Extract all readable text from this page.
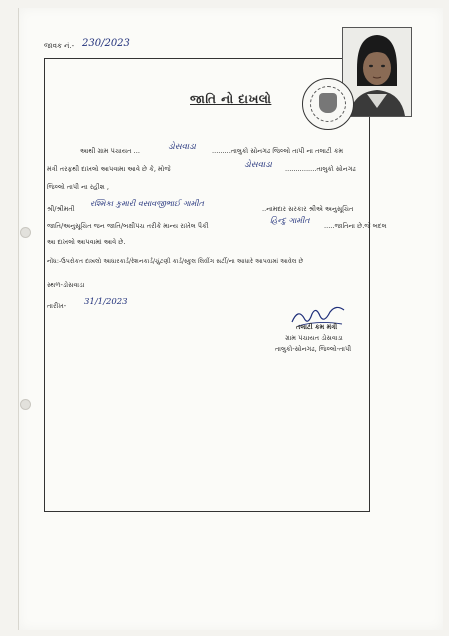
જાવક નં.- 230/2023
જાતિ નો દાખલો
આથી ગ્રામ પંચાયત ...	ડોસવાડા .........તાલુકો સોનગઢ જિલ્લો તાપી ના તલાટી કમ
મંત્રી તરફથી દાખલો આપવામા આવે છે કે, મોજે	ડોસવાડા ...............તાલુકો સોનગઢ
જિલ્લો તાપી ના રહીશ ,
શ્રી/શ્રીમતી
રશ્મિકા કુમારી વસાવજીભાઈ ગામીત
..નામદાર સરકાર શ્રીએ અનુસૂચિત
જાતિ/અનુસૂચિત જન જાતિ/બક્ષીપંચ તરીકે માન્ય રાખેલ પૈકી
હિન્દુ ગામીત
.....જાતિના છે.જે બદલ
આ દાખલો આપવામાં આવે છે.
નોંધ:-ઉપરોકત દાખલો આધારકાર્ડ/રેશનકાર્ડ/ચુંટણી કાર્ડ/સ્કુલ લિવીંગ સર્ટી/ના આધારે આપવામાં આવેલ છે
સ્થળ-ડોસવાડા
તારીખ- 31/1/2023
તલાટી કમ મંત્રી
ગ્રામ પંચાયત ડોસવાડા
તાલુકો-સોનગઢ, જિલ્લો-તાપી
